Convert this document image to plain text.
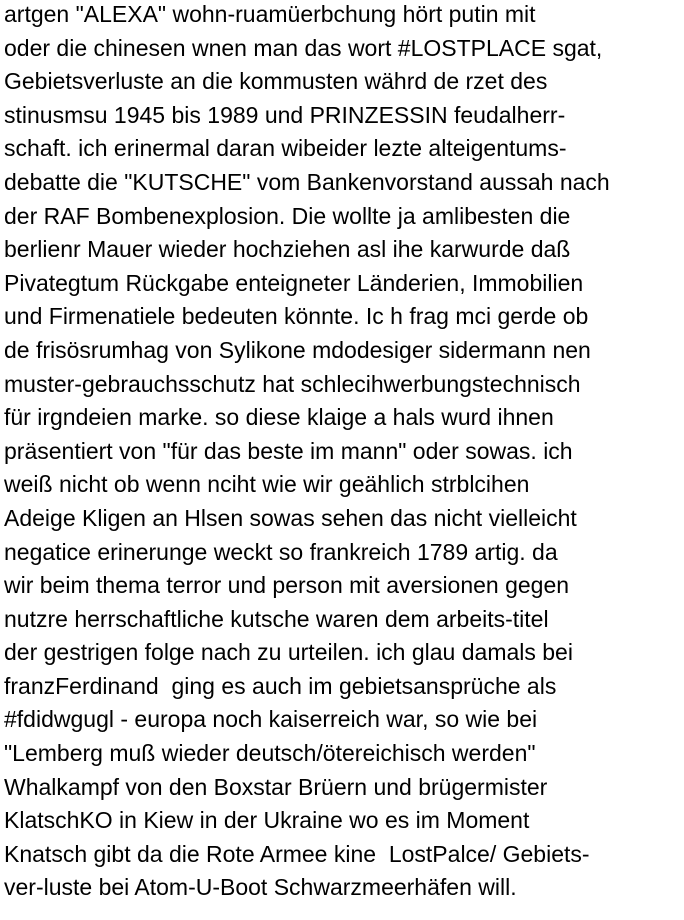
artgen "ALEXA" wohn-ruamüerbchung hört putin mit
oder die chinesen wnen man das wort #LOSTPLACE sgat,
Gebietsverluste an die kommusten währd de rzet des
stinusmsu 1945 bis 1989 und PRINZESSIN feudalherr-
schaft. ich erinermal daran wibeider lezte alteigentums-
debatte die "KUTSCHE" vom Bankenvorstand aussah nach
der RAF Bombenexplosion. Die wollte ja amlibesten die
berlienr Mauer wieder hochziehen asl ihe karwurde daß
Pivategtum Rückgabe enteigneter Länderien, Immobilien
und Firmenatiele bedeuten könnte. Ic h frag mci gerde ob
de frisösrumhag von Sylikone mdodesiger sidermann nen
muster-gebrauchsschutz hat schlecihwerbungstechnisch
für irgndeien marke. so diese klaige a hals wurd ihnen
präsentiert von "für das beste im mann" oder sowas. ich
weiß nicht ob wenn nciht wie wir geählich strblcihen
Adeige Kligen an Hlsen sowas sehen das nicht vielleicht
negatice erinerunge weckt so frankreich 1789 artig. da
wir beim thema terror und person mit aversionen gegen
nutzre herrschaftliche kutsche waren dem arbeits-titel
der gestrigen folge nach zu urteilen. ich glau damals bei
franzFerdinand  ging es auch im gebietsansprüche als
#fdidwgugl - europa noch kaiserreich war, so wie bei
"Lemberg muß wieder deutsch/ötereichisch werden"
Whalkampf von den Boxstar Brüern und brügermister
KlatschKO in Kiew in der Ukraine wo es im Moment
Knatsch gibt da die Rote Armee kine  LostPalce/ Gebiets-
ver-luste bei Atom-U-Boot Schwarzmeerhäfen will.
